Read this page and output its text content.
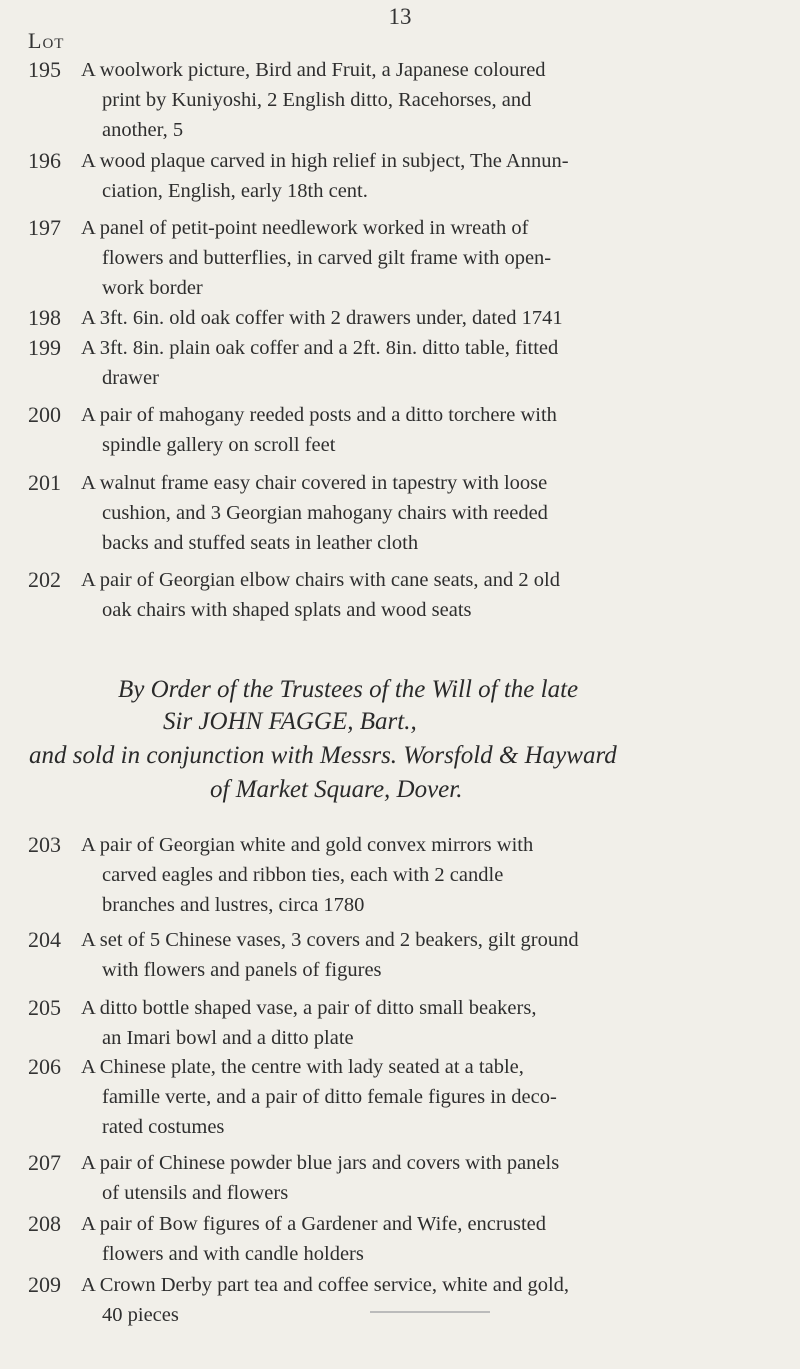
13
Lot
195 A woolwork picture, Bird and Fruit, a Japanese coloured

print by Kuniyoshi, 2 English ditto, Racehorses, and

another, 5

196 A wood plaque carved in high relief in subject, The Annun-

ciation, English, early 18th cent.

197 A panel of petit-point needlework worked in wreath of

flowers and butterflies, in carved gilt frame with open-

work border

198 A 3ft. 6in. old oak coffer with 2 drawers under, dated 1741

199 A 3ft. 8in. plain oak coffer and a 2ft. 8in. ditto table, fitted

drawer

200 A pair of mahogany reeded posts and a ditto torchere with

spindle gallery on scroll feet

201 A walnut frame easy chair covered in tapestry with loose

cushion, and 3 Georgian mahogany chairs with reeded

backs and stuffed seats in leather cloth

202 A pair of Georgian elbow chairs with cane seats, and 2 old

oak chairs with shaped splats and wood seats

By Order of the Trustees of the Will of the late
Sir JOHN FAGGE, Bart.,
and sold in conjunction with Messrs. Worsfold & Hayward
of Market Square, Dover.
203 A pair of Georgian white and gold convex mirrors with

carved eagles and ribbon ties, each with 2 candle

branches and lustres, circa 1780

204 A set of 5 Chinese vases, 3 covers and 2 beakers, gilt ground

with flowers and panels of figures

205 A ditto bottle shaped vase, a pair of ditto small beakers,

an Imari bowl and a ditto plate

206 A Chinese plate, the centre with lady seated at a table,

famille verte, and a pair of ditto female figures in deco-

rated costumes

207 A pair of Chinese powder blue jars and covers with panels

of utensils and flowers

208 A pair of Bow figures of a Gardener and Wife, encrusted

flowers and with candle holders

209 A Crown Derby part tea and coffee service, white and gold,

40 pieces
